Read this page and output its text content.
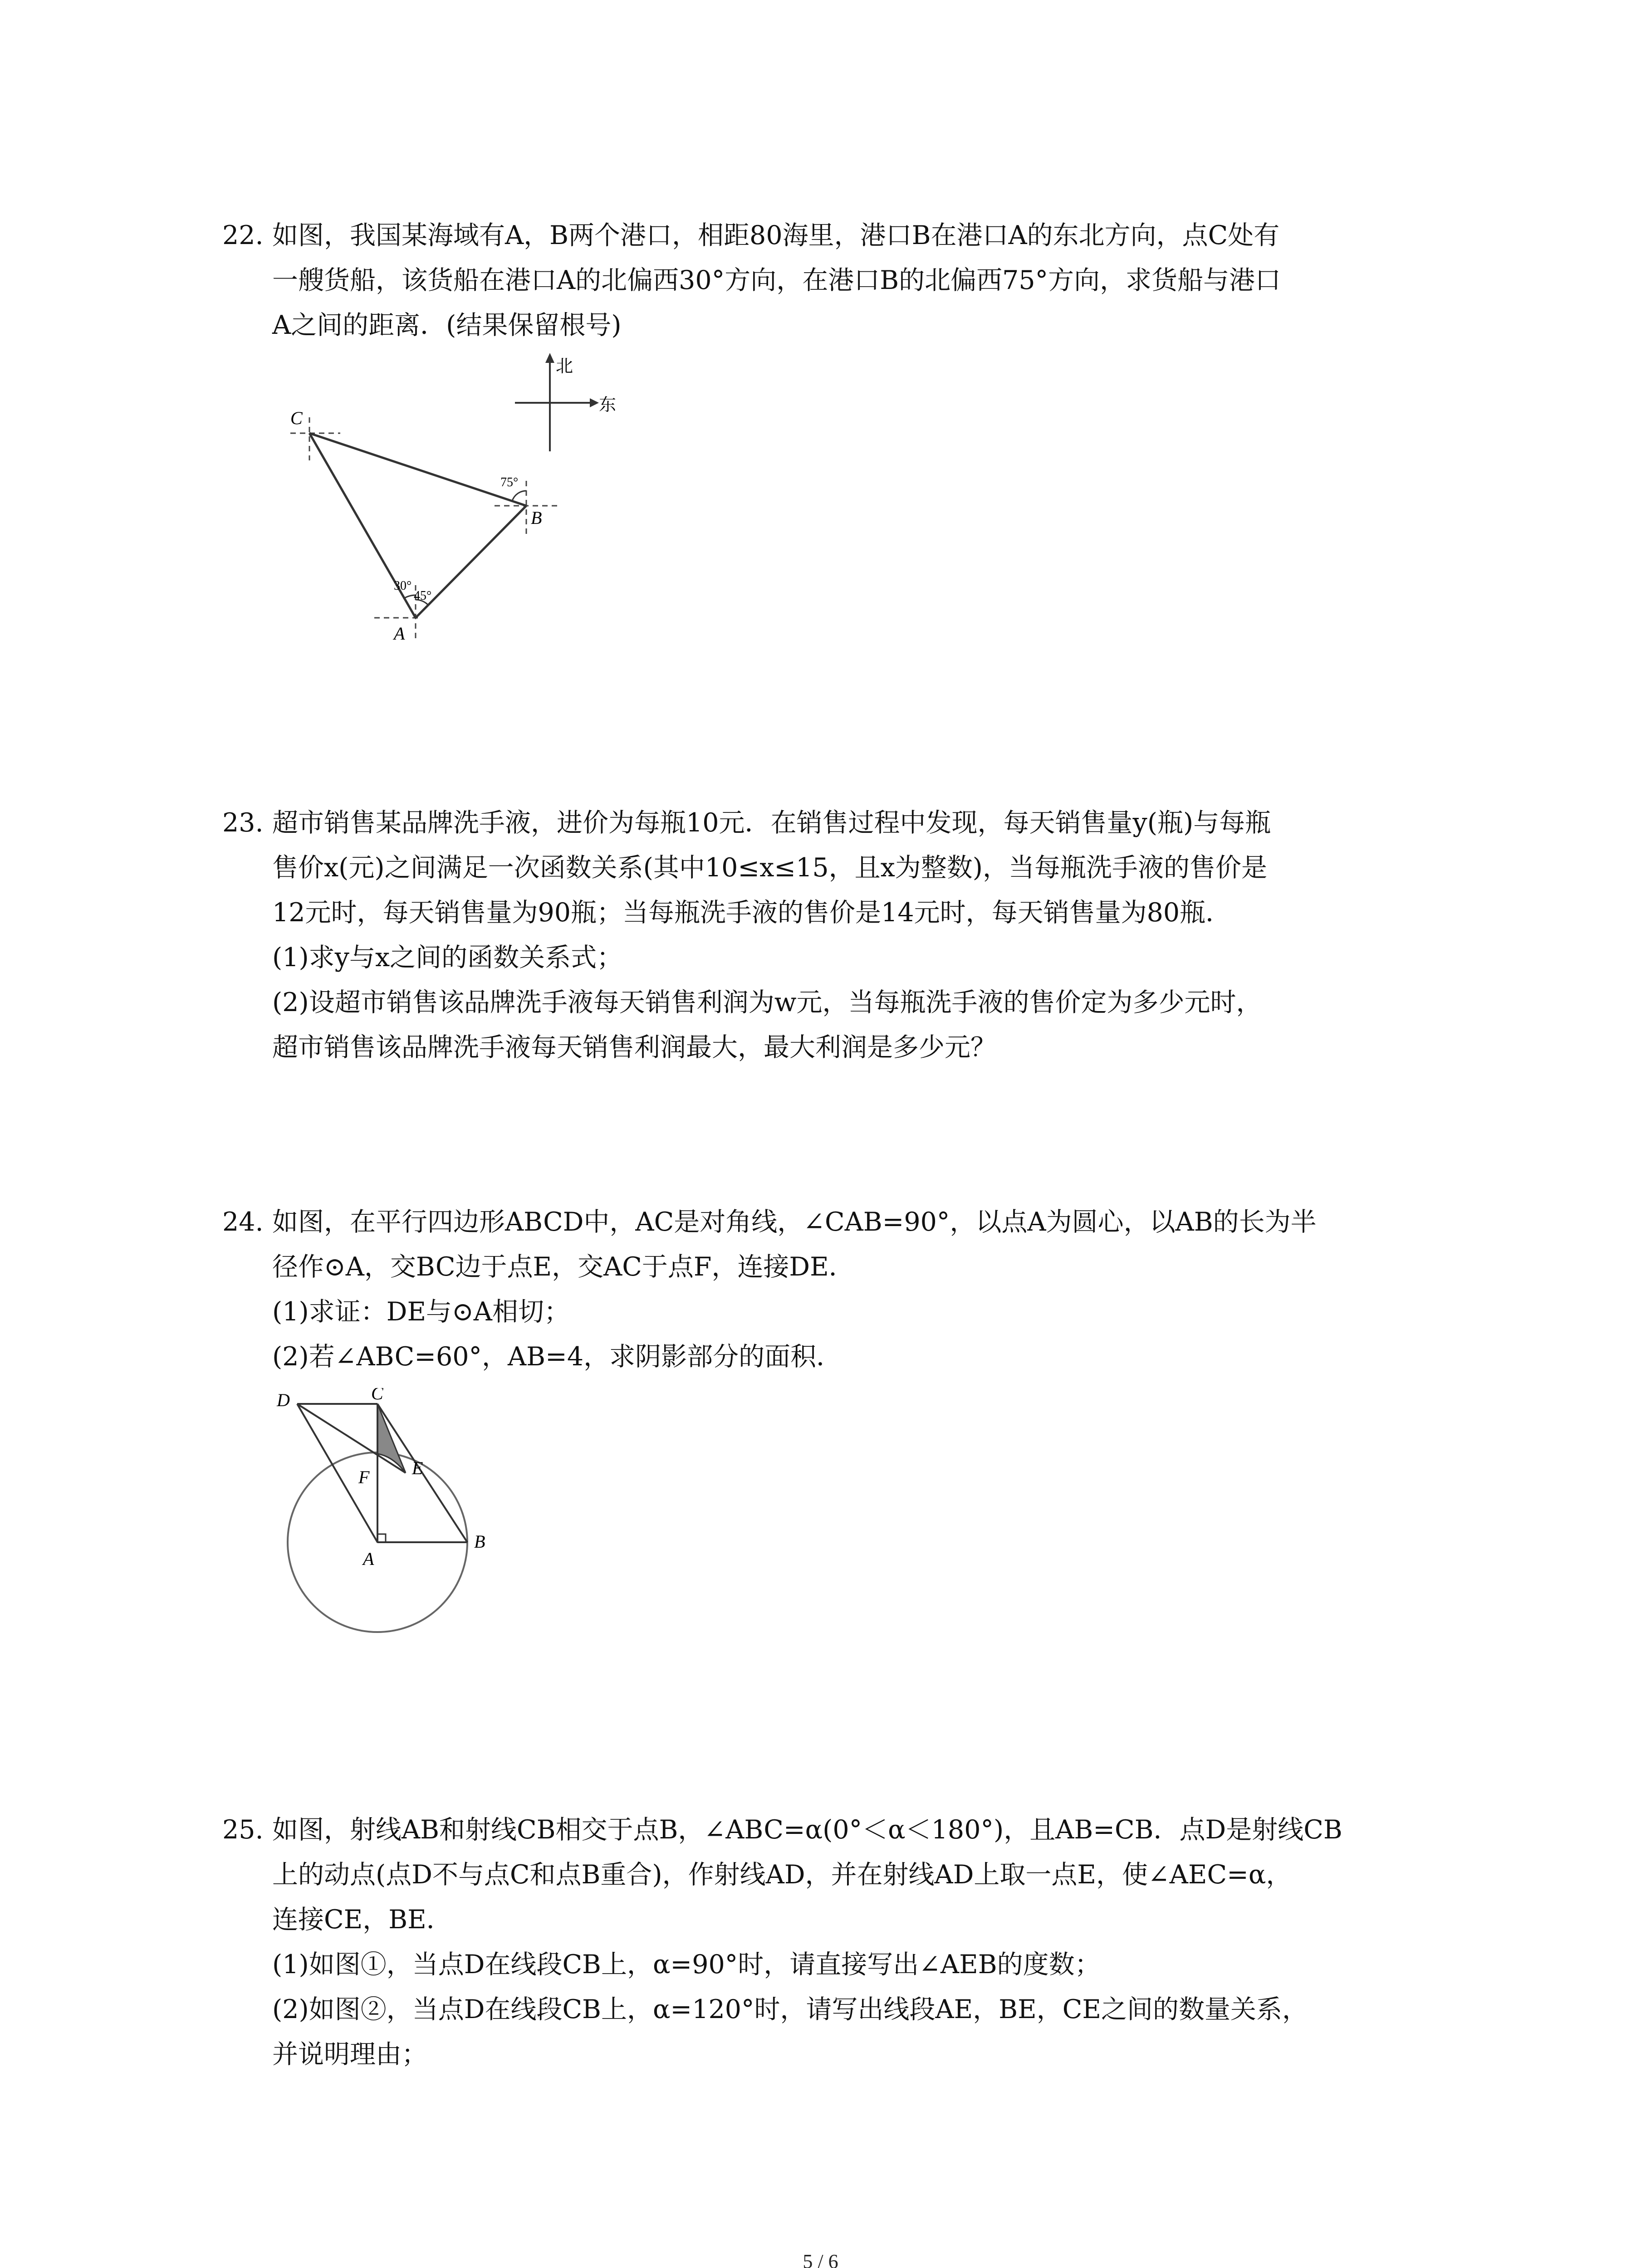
22. 如图，我国某海域有A，B两个港口，相距80海里，港口B在港口A的东北方向，点C处有
一艘货船，该货船在港口A的北偏西30°方向，在港口B的北偏西75°方向，求货船与港口
A之间的距离．(结果保留根号)
北
东
C
B
A
75°
30°
45°
23. 超市销售某品牌洗手液，进价为每瓶10元．在销售过程中发现，每天销售量y(瓶)与每瓶
售价x(元)之间满足一次函数关系(其中10≤x≤15，且x为整数)，当每瓶洗手液的售价是
12元时，每天销售量为90瓶；当每瓶洗手液的售价是14元时，每天销售量为80瓶．
(1)求y与x之间的函数关系式；
(2)设超市销售该品牌洗手液每天销售利润为w元，当每瓶洗手液的售价定为多少元时，
超市销售该品牌洗手液每天销售利润最大，最大利润是多少元？
24. 如图，在平行四边形ABCD中，AC是对角线，∠CAB=90°，以点A为圆心，以AB的长为半
径作⊙A，交BC边于点E，交AC于点F，连接DE．
(1)求证：DE与⊙A相切；
(2)若∠ABC=60°，AB=4，求阴影部分的面积．
D	C
E
F
A
B
25. 如图，射线AB和射线CB相交于点B，∠ABC=α(0°＜α＜180°)，且AB=CB．点D是射线CB
上的动点(点D不与点C和点B重合)，作射线AD，并在射线AD上取一点E，使∠AEC=α，
连接CE，BE．
(1)如图①，当点D在线段CB上，α=90°时，请直接写出∠AEB的度数；
(2)如图②，当点D在线段CB上，α=120°时，请写出线段AE，BE，CE之间的数量关系，
并说明理由；
5 / 6
